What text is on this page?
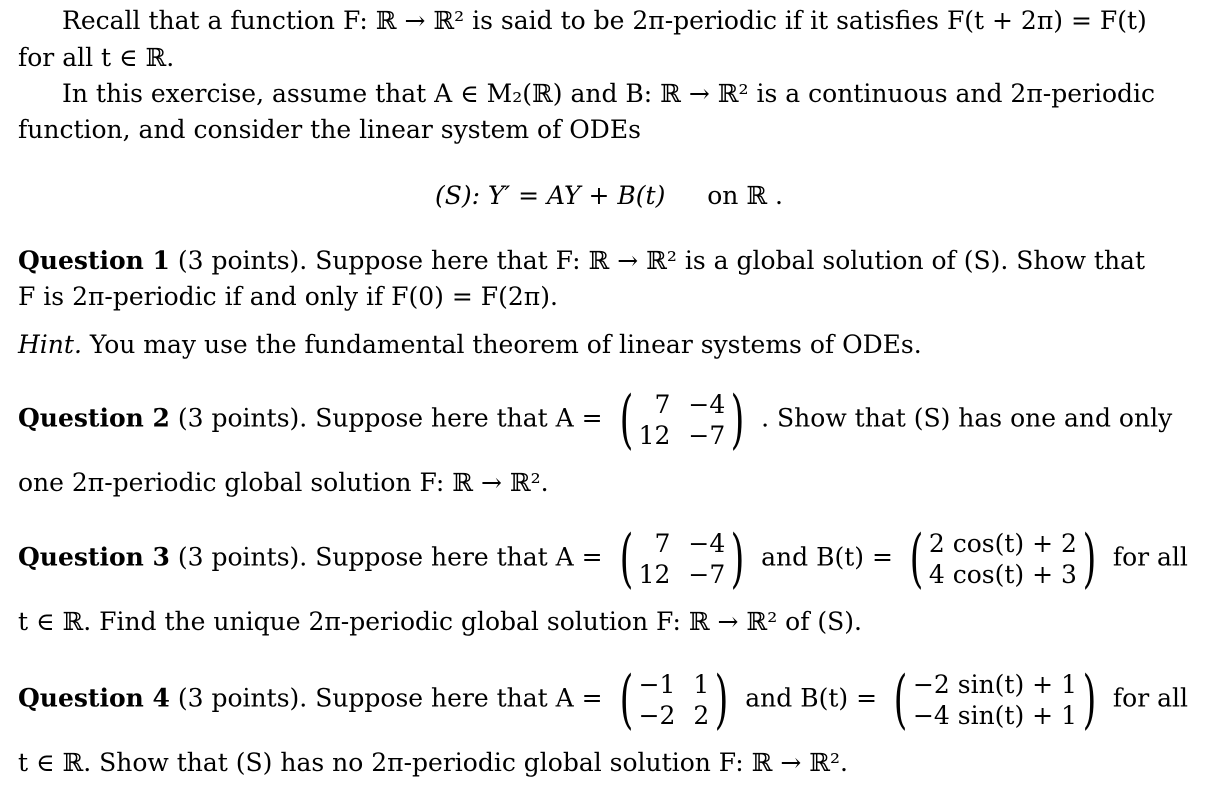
Recall that a function F: ℝ → ℝ² is said to be 2π-periodic if it satisfies F(t + 2π) = F(t)
for all t ∈ ℝ.
In this exercise, assume that A ∈ M₂(ℝ) and B: ℝ → ℝ² is a continuous and 2π-periodic
function, and consider the linear system of ODEs
(S): Y′ = AY + B(t) on ℝ .
Question 1 (3 points). Suppose here that F: ℝ → ℝ² is a global solution of (S). Show that
F is 2π-periodic if and only if F(0) = F(2π).
Hint. You may use the fundamental theorem of linear systems of ODEs.
Question 2 (3 points). Suppose here that A = ( 7 −4
12 −7 ) . Show that (S) has one and only
one 2π-periodic global solution F: ℝ → ℝ².
Question 3 (3 points). Suppose here that A = ( 7 −4
12 −7 ) and B(t) = ( 2 cos(t) + 2
4 cos(t) + 3 ) for all
t ∈ ℝ. Find the unique 2π-periodic global solution F: ℝ → ℝ² of (S).
Question 4 (3 points). Suppose here that A = ( −1 1
−2 2 ) and B(t) = ( −2 sin(t) + 1
−4 sin(t) + 1 ) for all
t ∈ ℝ. Show that (S) has no 2π-periodic global solution F: ℝ → ℝ².
